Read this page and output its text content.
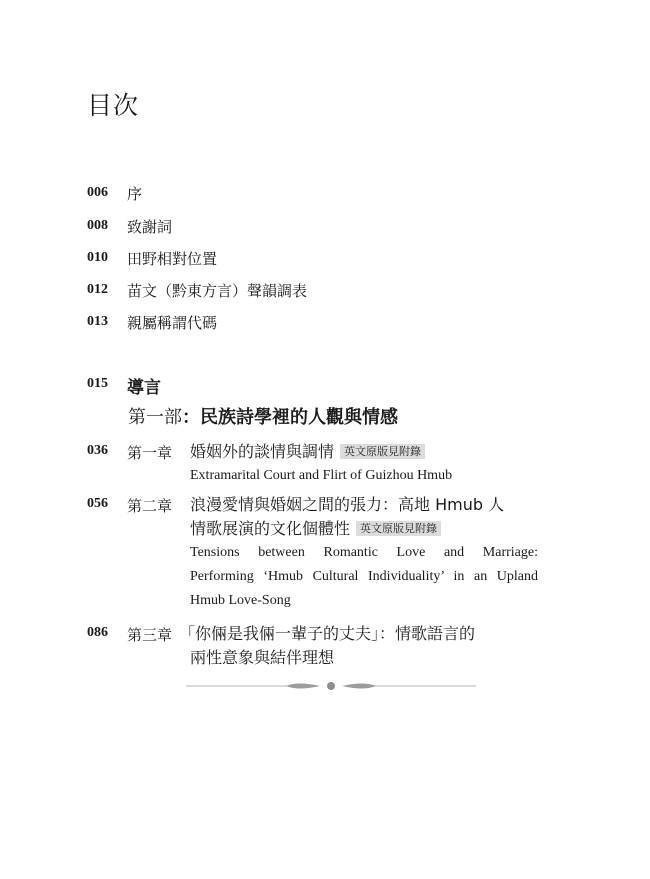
目次
006 序
008 致謝詞
010 田野相對位置
012 苗文（黔東方言）聲韻調表
013 親屬稱謂代碼
015 導言
第一部：民族詩學裡的人觀與情感
036 第一章 婚姻外的談情與調情 英文原版見附錄
Extramarital Court and Flirt of Guizhou Hmub
056 第二章 浪漫愛情與婚姻之間的張力：高地 Hmub 人
情歌展演的文化個體性 英文原版見附錄
Tensions between Romantic Love and Marriage:
Performing ‘Hmub Cultural Individuality’ in an Upland
Hmub Love-Song
086 第三章 「你倆是我倆一輩子的丈夫」：情歌語言的
兩性意象與結伴理想
